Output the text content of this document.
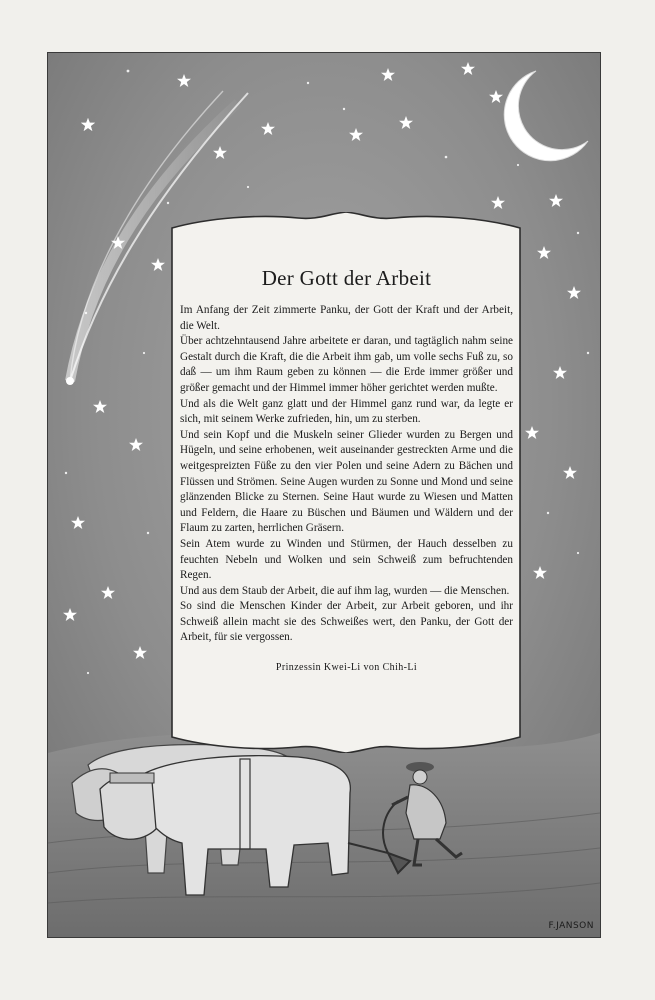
Der Gott der Arbeit

Im Anfang der Zeit zimmerte Panku, der Gott der Kraft und der Arbeit, die Welt.

Über achtzehntausend Jahre arbeitete er daran, und tagtäglich nahm seine Gestalt durch die Kraft, die die Arbeit ihm gab, um volle sechs Fuß zu, so daß — um ihm Raum geben zu können — die Erde immer größer und größer gemacht und der Himmel immer höher gerichtet werden mußte.

Und als die Welt ganz glatt und der Himmel ganz rund war, da legte er sich, mit seinem Werke zufrieden, hin, um zu sterben.

Und sein Kopf und die Muskeln seiner Glieder wurden zu Bergen und Hügeln, und seine erhobenen, weit auseinander gestreckten Arme und die weitgespreizten Füße zu den vier Polen und seine Adern zu Bächen und Flüssen und Strömen. Seine Augen wurden zu Sonne und Mond und seine glänzenden Blicke zu Sternen. Seine Haut wurde zu Wiesen und Matten und Feldern, die Haare zu Büschen und Bäumen und Wäldern und der Flaum zu zarten, herrlichen Gräsern.

Sein Atem wurde zu Winden und Stürmen, der Hauch desselben zu feuchten Nebeln und Wolken und sein Schweiß zum befruchtenden Regen.

Und aus dem Staub der Arbeit, die auf ihm lag, wurden — die Menschen.

So sind die Menschen Kinder der Arbeit, zur Arbeit geboren, und ihr Schweiß allein macht sie des Schweißes wert, den Panku, der Gott der Arbeit, für sie vergossen.

Prinzessin Kwei-Li von Chih-Li
F.JANSON
